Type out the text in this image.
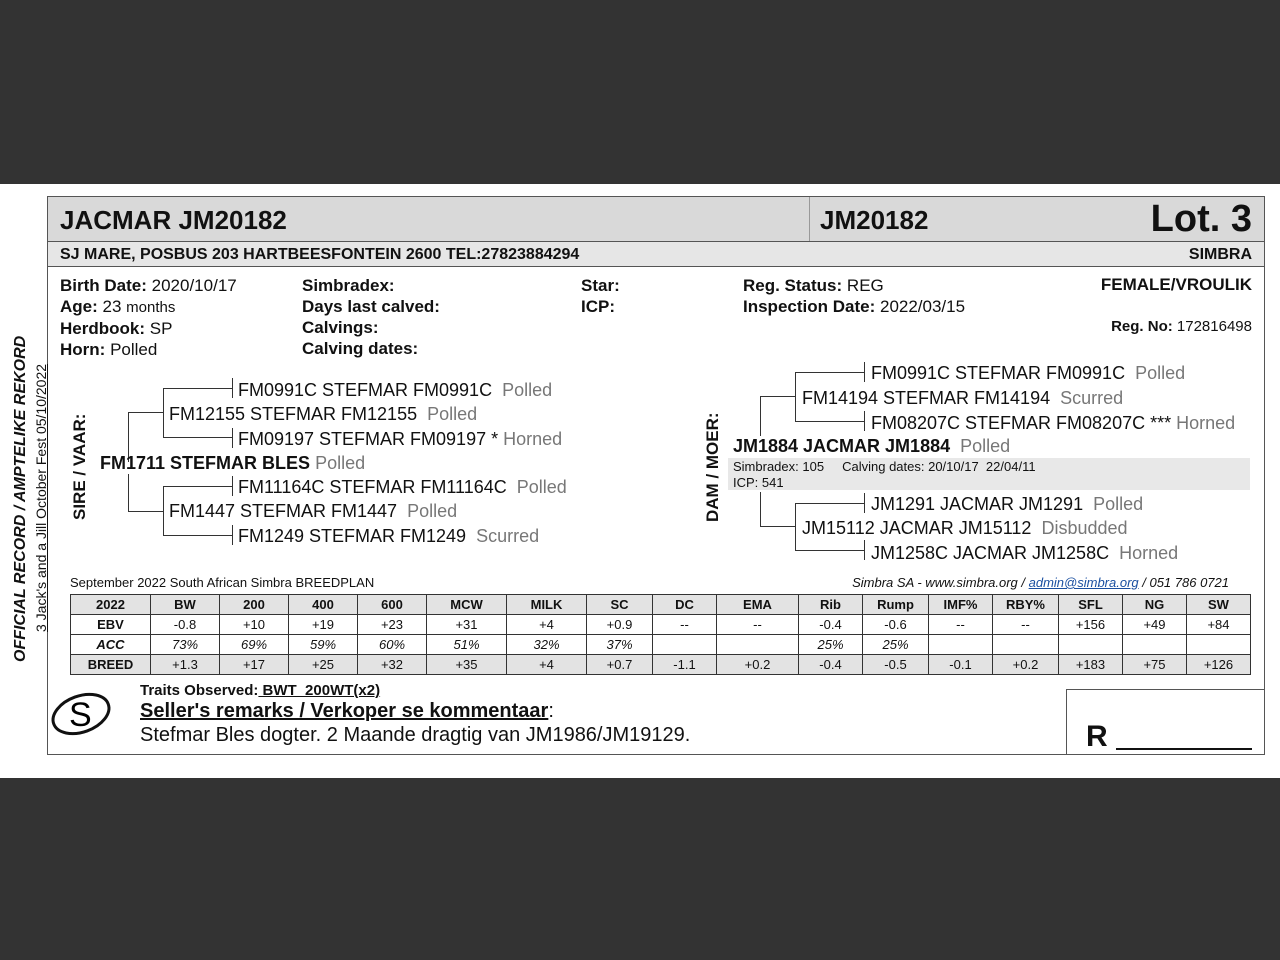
JACMAR JM20182	JM20182	Lot. 3
SJ MARE, POSBUS 203 HARTBEESFONTEIN 2600 TEL:27823884294	SIMBRA
OFFICIAL RECORD / AMPTELIKE REKORD 3 Jack's and a Jill October Fest 05/10/2022
Birth Date: 2020/10/17
Age: 23 months
Herdbook: SP
Horn: Polled
Simbradex:
Days last calved:
Calvings:
Calving dates:
Star:
ICP:
Reg. Status: REG
Inspection Date: 2022/03/15
FEMALE/VROULIK
Reg. No: 172816498
SIRE / VAAR:
FM0991C STEFMAR FM0991C Polled
FM12155 STEFMAR FM12155 Polled
FM09197 STEFMAR FM09197 * Horned
FM1711 STEFMAR BLES Polled
FM11164C STEFMAR FM11164C Polled
FM1447 STEFMAR FM1447 Polled
FM1249 STEFMAR FM1249 Scurred
DAM / MOER:
FM0991C STEFMAR FM0991C Polled
FM14194 STEFMAR FM14194 Scurred
FM08207C STEFMAR FM08207C *** Horned
JM1884 JACMAR JM1884 Polled
Simbradex: 105     Calving dates: 20/10/17  22/04/11
ICP: 541
JM1291 JACMAR JM1291 Polled
JM15112 JACMAR JM15112 Disbudded
JM1258C JACMAR JM1258C Horned
September 2022 South African Simbra BREEDPLAN	Simbra SA - www.simbra.org / admin@simbra.org / 051 786 0721
2022	BW	200	400	600	MCW	MILK	SC	DC	EMA	Rib	Rump	IMF%	RBY%	SFL	NG	SW
EBV	-0.8	+10	+19	+23	+31	+4	+0.9	--	--	-0.4	-0.6	--	--	+156	+49	+84
ACC	73%	69%	59%	60%	51%	32%	37%			25%	25%					
BREED	+1.3	+17	+25	+32	+35	+4	+0.7	-1.1	+0.2	-0.4	-0.5	-0.1	+0.2	+183	+75	+126
S
Traits Observed: BWT  200WT(x2)
Seller's remarks / Verkoper se kommentaar:
Stefmar Bles dogter. 2 Maande dragtig van JM1986/JM19129.	R
